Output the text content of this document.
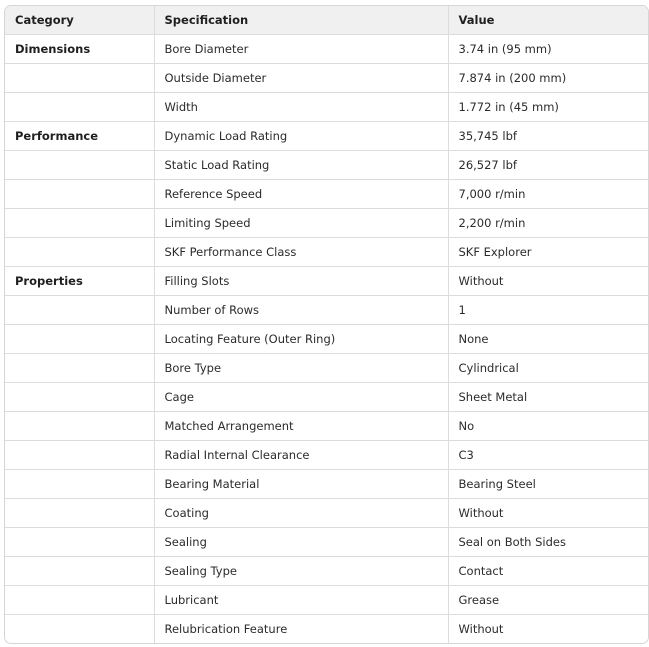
Category	Specification	Value
Dimensions	Bore Diameter	3.74 in (95 mm)
	Outside Diameter	7.874 in (200 mm)
	Width	1.772 in (45 mm)
Performance	Dynamic Load Rating	35,745 lbf
	Static Load Rating	26,527 lbf
	Reference Speed	7,000 r/min
	Limiting Speed	2,200 r/min
	SKF Performance Class	SKF Explorer
Properties	Filling Slots	Without
	Number of Rows	1
	Locating Feature (Outer Ring)	None
	Bore Type	Cylindrical
	Cage	Sheet Metal
	Matched Arrangement	No
	Radial Internal Clearance	C3
	Bearing Material	Bearing Steel
	Coating	Without
	Sealing	Seal on Both Sides
	Sealing Type	Contact
	Lubricant	Grease
	Relubrication Feature	Without
